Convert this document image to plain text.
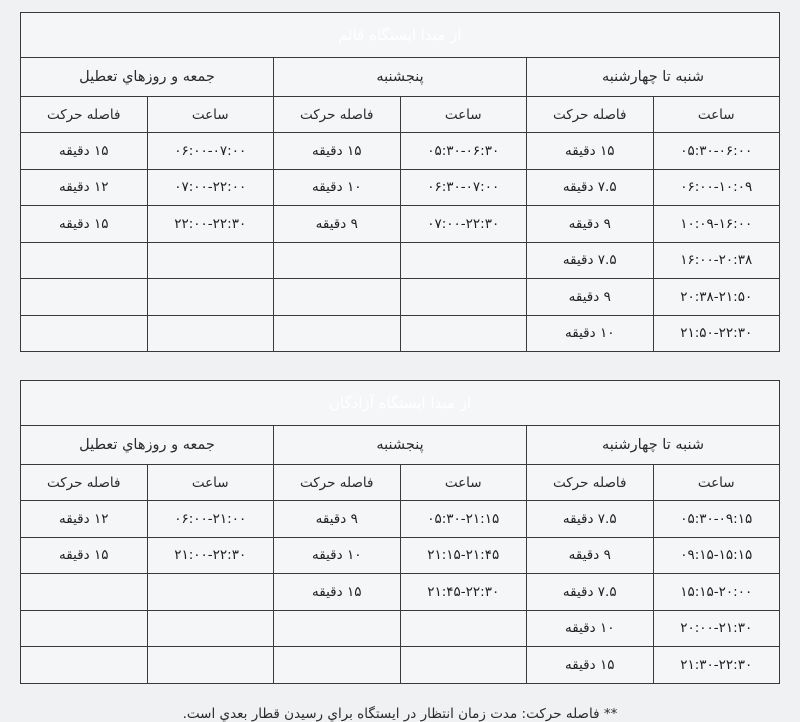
از مبدا ایستگاه قائم					
شنبه تا چهارشنبه		پنجشنبه		جمعه و روزهاي تعطیل	
ساعت	فاصله حرکت	ساعت	فاصله حرکت	ساعت	فاصله حرکت
۰۵:۳۰-۰۶:۰۰	۱۵ دقیقه	۰۵:۳۰-۰۶:۳۰	۱۵ دقیقه	۰۶:۰۰-۰۷:۰۰	۱۵ دقیقه
۰۶:۰۰-۱۰:۰۹	۷.۵ دقیقه	۰۶:۳۰-۰۷:۰۰	۱۰ دقیقه	۰۷:۰۰-۲۲:۰۰	۱۲ دقیقه
۱۰:۰۹-۱۶:۰۰	۹ دقیقه	۰۷:۰۰-۲۲:۳۰	۹ دقیقه	۲۲:۰۰-۲۲:۳۰	۱۵ دقیقه
۱۶:۰۰-۲۰:۳۸	۷.۵ دقیقه				
۲۰:۳۸-۲۱:۵۰	۹ دقیقه				
۲۱:۵۰-۲۲:۳۰	۱۰ دقیقه				
از مبدا ایستگاه آزادگان					
شنبه تا چهارشنبه		پنجشنبه		جمعه و روزهاي تعطیل	
ساعت	فاصله حرکت	ساعت	فاصله حرکت	ساعت	فاصله حرکت
۰۵:۳۰-۰۹:۱۵	۷.۵ دقیقه	۰۵:۳۰-۲۱:۱۵	۹ دقیقه	۰۶:۰۰-۲۱:۰۰	۱۲ دقیقه
۰۹:۱۵-۱۵:۱۵	۹ دقیقه	۲۱:۱۵-۲۱:۴۵	۱۰ دقیقه	۲۱:۰۰-۲۲:۳۰	۱۵ دقیقه
۱۵:۱۵-۲۰:۰۰	۷.۵ دقیقه	۲۱:۴۵-۲۲:۳۰	۱۵ دقیقه		
۲۰:۰۰-۲۱:۳۰	۱۰ دقیقه				
۲۱:۳۰-۲۲:۳۰	۱۵ دقیقه				
** فاصله حرکت: مدت زمان انتظار در ایستگاه براي رسیدن قطار بعدي است.
